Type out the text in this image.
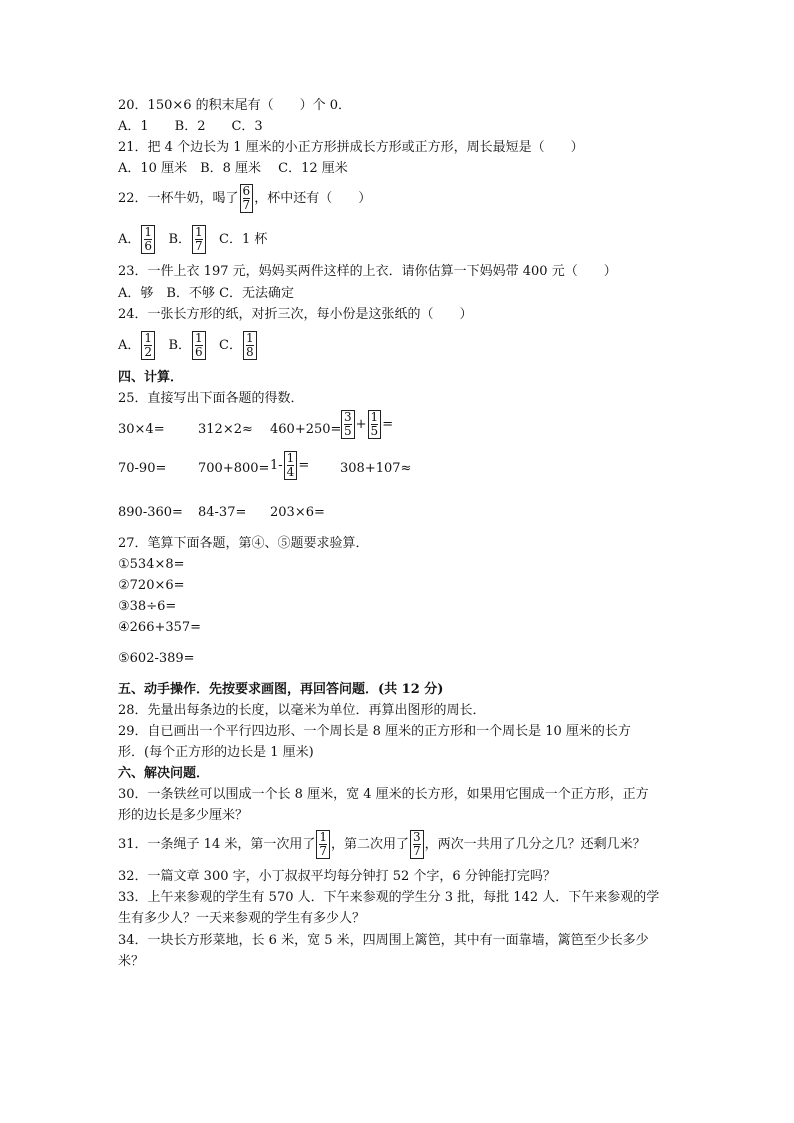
20．150×6 的积末尾有（　　）个 0．
A．1　　B．2　　C．3
21．把 4 个边长为 1 厘米的小正方形拼成长方形或正方形，周长最短是（　　）
A．10 厘米　B．8 厘米　 C．12 厘米
22．一杯牛奶，喝了 $\frac{6}{7}$ ，杯中还有（　　）
A． $\frac{1}{6}$ B． $\frac{1}{7}$ C．1 杯
23．一件上衣 197 元，妈妈买两件这样的上衣．请你估算一下妈妈带 400 元（　　）
A．够　B．不够 C．无法确定
24．一张长方形的纸，对折三次，每小份是这张纸的（　　）
A． $\frac{1}{2}$ B． $\frac{1}{6}$ C． $\frac{1}{8}$
四、计算．
25．直接写出下面各题的得数．
30×4=	$312\times 2\approx 460+250= \frac{3}{5} + \frac{1}{5}$ =
$70-90= 700+800= 1- \frac{1}{4} = 308+107\approx$
890-360= 84-37= 203×6=
27．笔算下面各题，第④、⑤题要求验算．
①534×8=
②720×6=
③38÷6=
④266+357=
⑤602-389=
五、动手操作．先按要求画图，再回答问题．(共 12 分)
28．先量出每条边的长度，以毫米为单位．再算出图形的周长．
29．自已画出一个平行四边形、一个周长是 8 厘米的正方形和一个周长是 10 厘米的长方
形．(每个正方形的边长是 1 厘米)
六、解决问题．
30．一条铁丝可以围成一个长 8 厘米，宽 4 厘米的长方形，如果用它围成一个正方形，正方
形的边长是多少厘米？
31．一条绳子 14 米，第一次用了 $\frac{1}{7}$ ，第二次用了 $\frac{3}{7}$ ，两次一共用了几分之几？还剩几米？
32．一篇文章 300 字，小丁叔叔平均每分钟打 52 个字，6 分钟能打完吗？
33．上午来参观的学生有 570 人．下午来参观的学生分 3 批，每批 142 人．下午来参观的学
生有多少人？一天来参观的学生有多少人？
34．一块长方形菜地，长 6 米，宽 5 米，四周围上篱笆，其中有一面靠墙，篱笆至少长多少
米？
